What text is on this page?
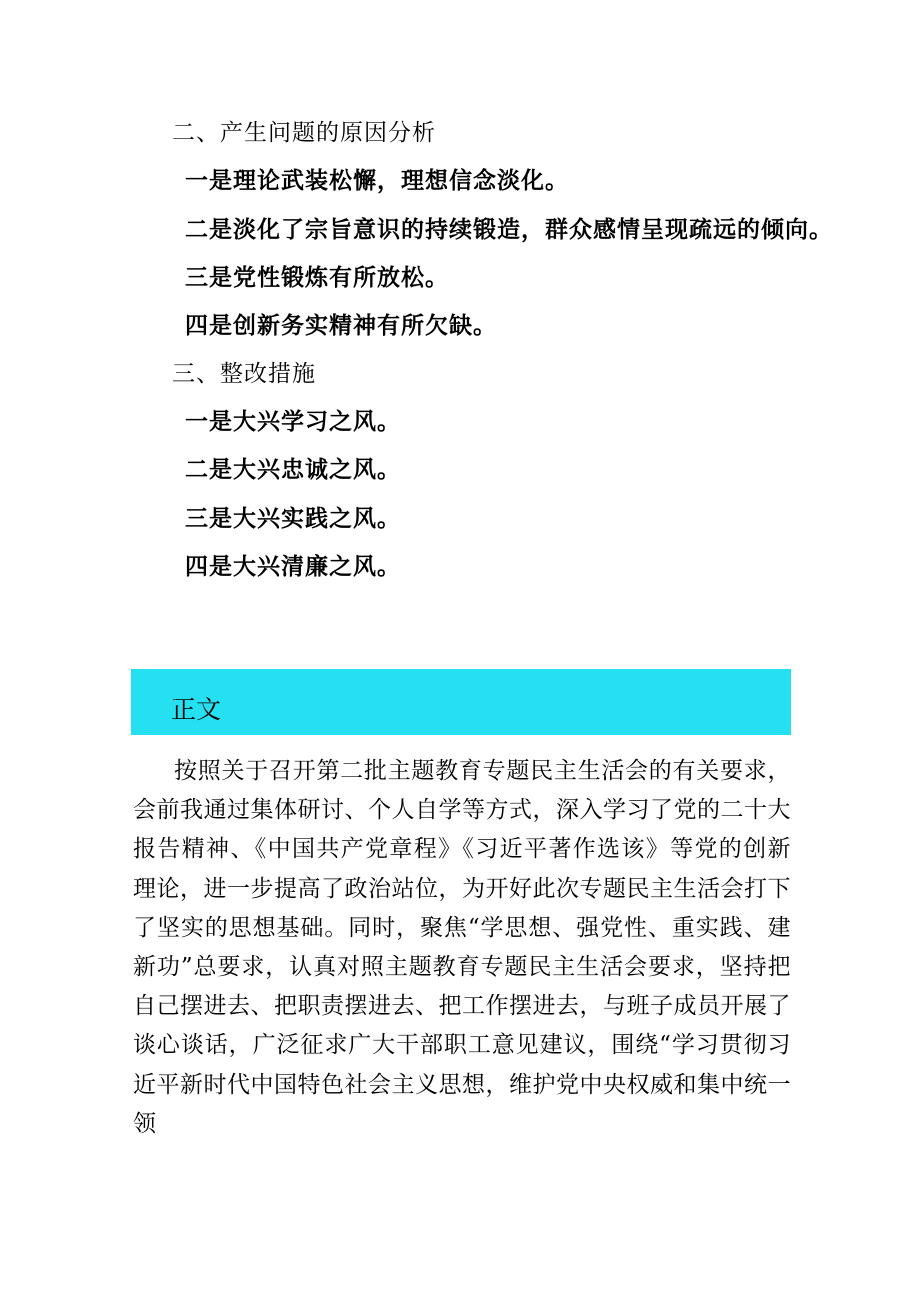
二、产生问题的原因分析
一是理论武装松懈，理想信念淡化。
二是淡化了宗旨意识的持续锻造，群众感情呈现疏远的倾向。
三是党性锻炼有所放松。
四是创新务实精神有所欠缺。
三、整改措施
一是大兴学习之风。
二是大兴忠诚之风。
三是大兴实践之风。
四是大兴清廉之风。
正文

按照关于召开第二批主题教育专题民主生活会的有关要求，会前我通过集体研讨、个人自学等方式，深入学习了党的二十大报告精神、《中国共产党章程》《习近平著作选该》等党的创新理论，进一步提高了政治站位，为开好此次专题民主生活会打下了坚实的思想基础。同时，聚焦“学思想、强党性、重实践、建新功”总要求，认真对照主题教育专题民主生活会要求，坚持把自己摆进去、把职责摆进去、把工作摆进去，与班子成员开展了谈心谈话，广泛征求广大干部职工意见建议，围绕“学习贯彻习近平新时代中国特色社会主义思想，维护党中央权威和集中统一领
